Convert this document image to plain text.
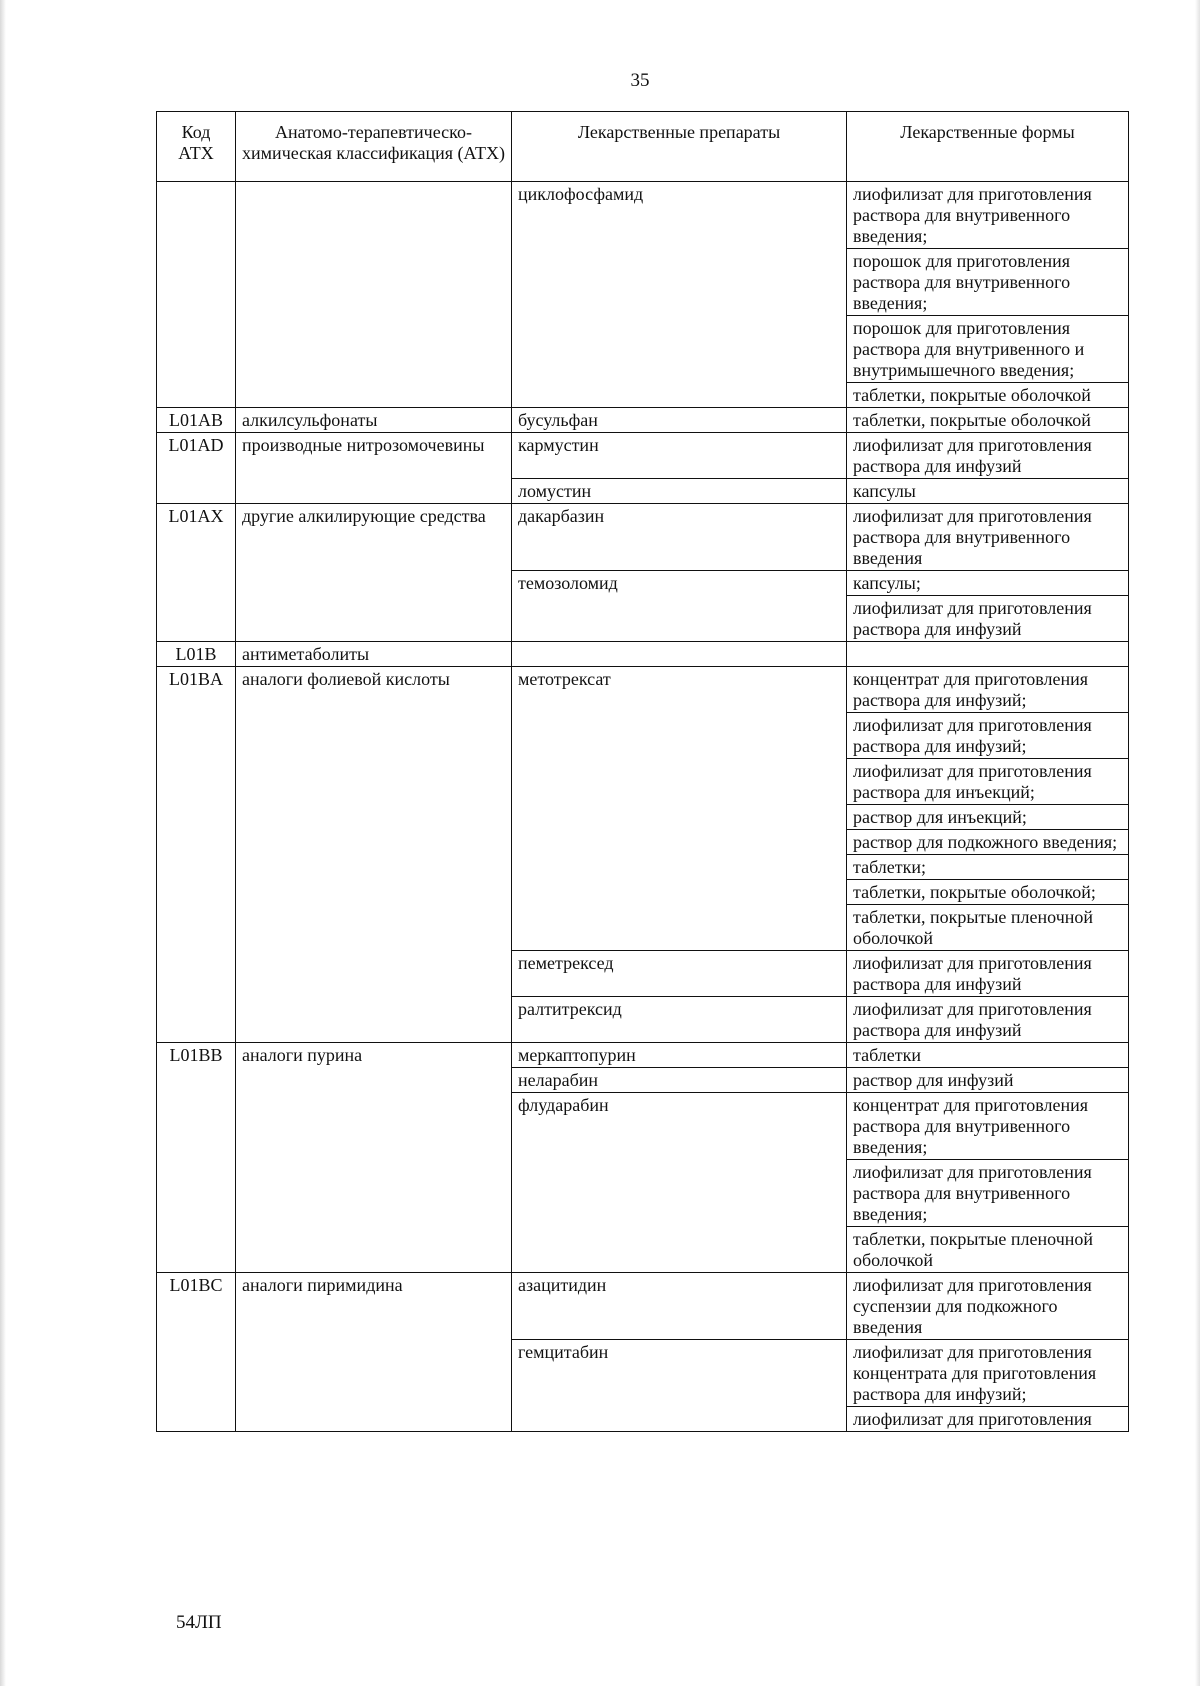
35
Код АТХ	Анатомо-терапевтическо-химическая классификация (АТХ)	Лекарственные препараты	Лекарственные формы
		циклофосфамид	лиофилизат для приготовления раствора для внутривенного введения;
			порошок для приготовления раствора для внутривенного введения;
			порошок для приготовления раствора для внутривенного и внутримышечного введения;
			таблетки, покрытые оболочкой
L01AB	алкилсульфонаты	бусульфан	таблетки, покрытые оболочкой
L01AD	производные нитрозомочевины	кармустин	лиофилизат для приготовления раствора для инфузий
		ломустин	капсулы
L01AX	другие алкилирующие средства	дакарбазин	лиофилизат для приготовления раствора для внутривенного введения
		темозоломид	капсулы;
			лиофилизат для приготовления раствора для инфузий
L01B	антиметаболиты		
L01BA	аналоги фолиевой кислоты	метотрексат	концентрат для приготовления раствора для инфузий;
			лиофилизат для приготовления раствора для инфузий;
			лиофилизат для приготовления раствора для инъекций;
			раствор для инъекций;
			раствор для подкожного введения;
			таблетки;
			таблетки, покрытые оболочкой;
			таблетки, покрытые пленочной оболочкой
		пеметрексед	лиофилизат для приготовления раствора для инфузий
		ралтитрексид	лиофилизат для приготовления раствора для инфузий
L01BB	аналоги пурина	меркаптопурин	таблетки
		неларабин	раствор для инфузий
		флударабин	концентрат для приготовления раствора для внутривенного введения;
			лиофилизат для приготовления раствора для внутривенного введения;
			таблетки, покрытые пленочной оболочкой
L01BC	аналоги пиримидина	азацитидин	лиофилизат для приготовления суспензии для подкожного введения
		гемцитабин	лиофилизат для приготовления концентрата для приготовления раствора для инфузий;
			лиофилизат для приготовления
54ЛП
